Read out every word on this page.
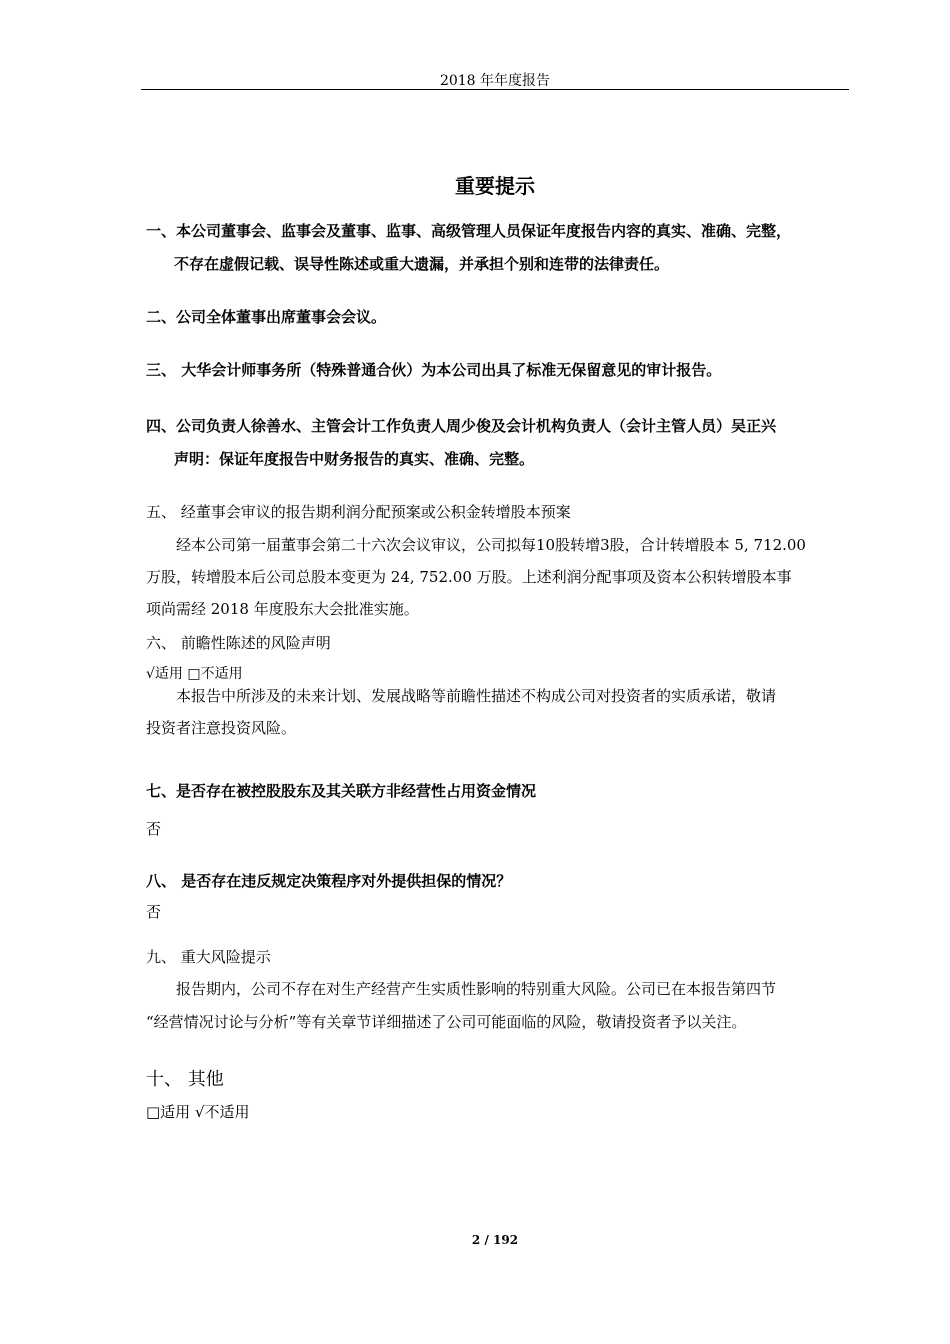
2018 年年度报告
重要提示
一、本公司董事会、监事会及董事、监事、高级管理人员保证年度报告内容的真实、准确、完整，
不存在虚假记载、误导性陈述或重大遗漏，并承担个别和连带的法律责任。
二、公司全体董事出席董事会会议。
三、 大华会计师事务所（特殊普通合伙）为本公司出具了标准无保留意见的审计报告。
四、公司负责人徐善水、主管会计工作负责人周少俊及会计机构负责人（会计主管人员）吴正兴
声明：保证年度报告中财务报告的真实、准确、完整。
五、 经董事会审议的报告期利润分配预案或公积金转增股本预案
经本公司第一届董事会第二十六次会议审议，公司拟每10股转增3股，合计转增股本 5, 712.00
万股，转增股本后公司总股本变更为 24, 752.00 万股。上述利润分配事项及资本公积转增股本事
项尚需经 2018 年度股东大会批准实施。
六、 前瞻性陈述的风险声明
√适用 □不适用
本报告中所涉及的未来计划、发展战略等前瞻性描述不构成公司对投资者的实质承诺，敬请
投资者注意投资风险。
七、是否存在被控股股东及其关联方非经营性占用资金情况
否
八、 是否存在违反规定决策程序对外提供担保的情况？
否
九、 重大风险提示
报告期内，公司不存在对生产经营产生实质性影响的特别重大风险。公司已在本报告第四节
“经营情况讨论与分析”等有关章节详细描述了公司可能面临的风险，敬请投资者予以关注。
十、 其他
□适用 √不适用
2 / 192
